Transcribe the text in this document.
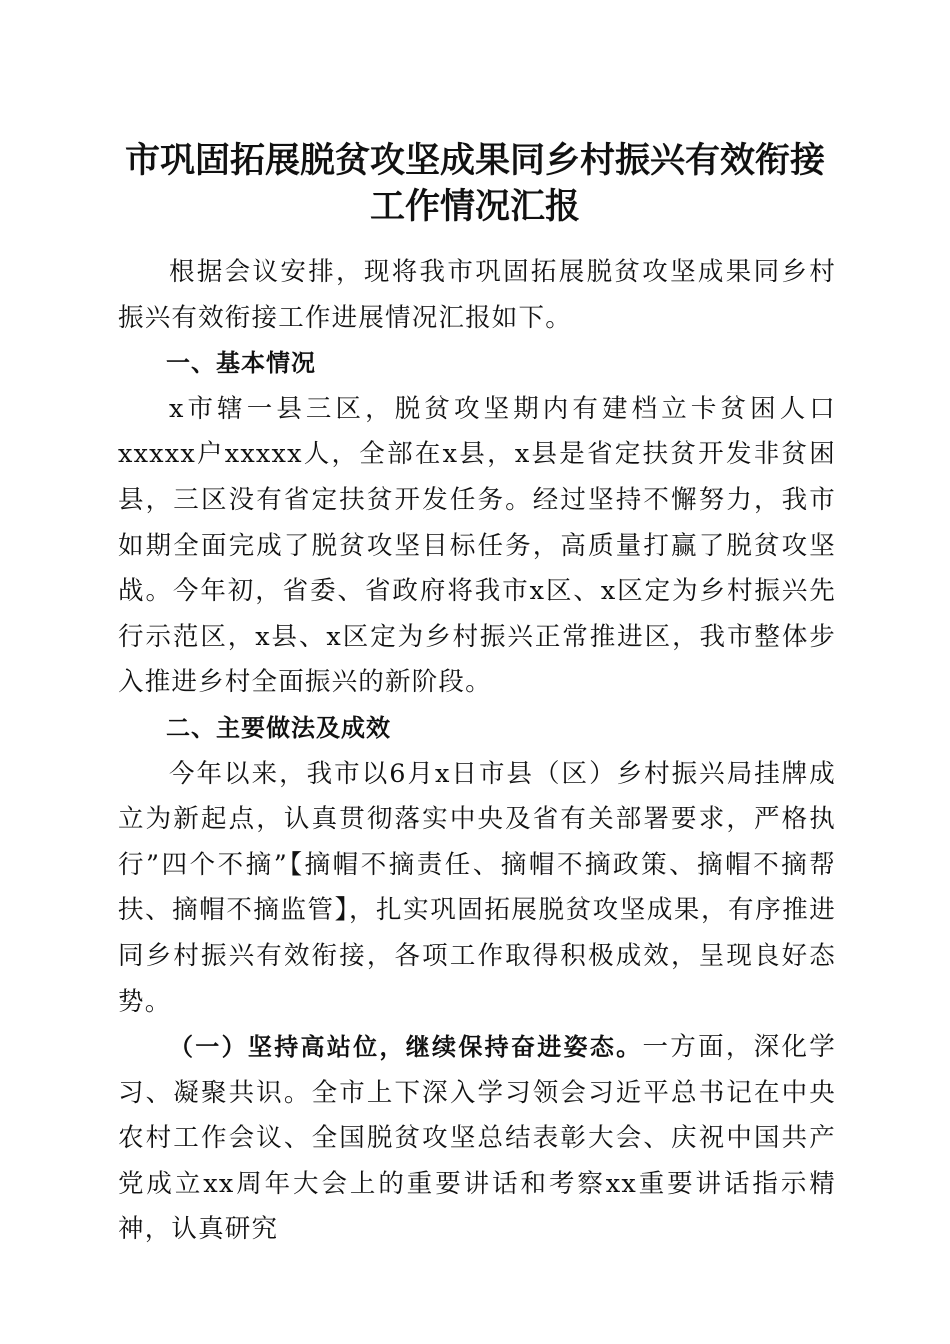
市巩固拓展脱贫攻坚成果同乡村振兴有效衔接
工作情况汇报

根据会议安排，现将我市巩固拓展脱贫攻坚成果同乡村振兴有效衔接工作进展情况汇报如下。

一、基本情况

x市辖一县三区，脱贫攻坚期内有建档立卡贫困人口xxxxx户xxxxx人，全部在x县，x县是省定扶贫开发非贫困县，三区没有省定扶贫开发任务。经过坚持不懈努力，我市如期全面完成了脱贫攻坚目标任务，高质量打赢了脱贫攻坚战。今年初，省委、省政府将我市x区、x区定为乡村振兴先行示范区，x县、x区定为乡村振兴正常推进区，我市整体步入推进乡村全面振兴的新阶段。

二、主要做法及成效

今年以来，我市以6月x日市县（区）乡村振兴局挂牌成立为新起点，认真贯彻落实中央及省有关部署要求，严格执行”四个不摘”【摘帽不摘责任、摘帽不摘政策、摘帽不摘帮扶、摘帽不摘监管】，扎实巩固拓展脱贫攻坚成果，有序推进同乡村振兴有效衔接，各项工作取得积极成效，呈现良好态势。

（一）坚持高站位，继续保持奋进姿态。一方面，深化学习、凝聚共识。全市上下深入学习领会习近平总书记在中央农村工作会议、全国脱贫攻坚总结表彰大会、庆祝中国共产党成立xx周年大会上的重要讲话和考察xx重要讲话指示精神，认真研究
